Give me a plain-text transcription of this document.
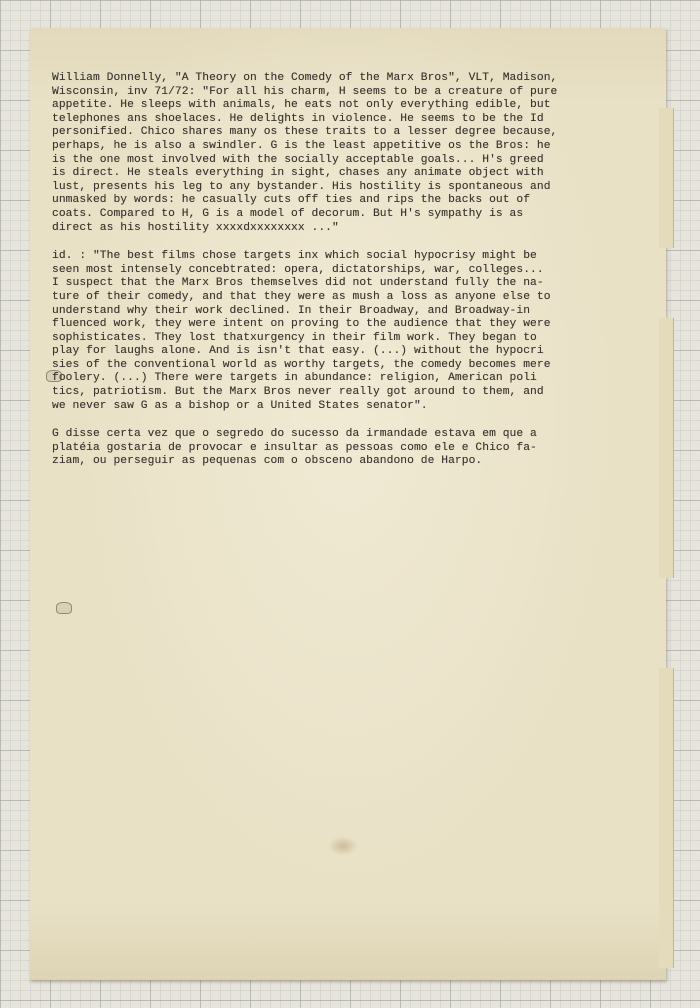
William Donnelly, "A Theory on the Comedy of the Marx Bros", VLT, Madison,
Wisconsin, inv 71/72: "For all his charm, H seems to be a creature of pure
appetite. He sleeps with animals, he eats not only everything edible, but
telephones ans shoelaces. He delights in violence. He seems to be the Id
personified. Chico shares many os these traits to a lesser degree because,
perhaps, he is also a swindler. G is the least appetitive os the Bros: he
is the one most involved with the socially acceptable goals... H's greed
is direct. He steals everything in sight, chases any animate object with
lust, presents his leg to any bystander. His hostility is spontaneous and
unmasked by words: he casually cuts off ties and rips the backs out of
coats. Compared to H, G is a model of decorum. But H's sympathy is as
direct as his hostility xxxxdxxxxxxxx ..."
id. : "The best films chose targets inx which social hypocrisy might be
seen most intensely concebtrated: opera, dictatorships, war, colleges...
I suspect that the Marx Bros themselves did not understand fully the na-
ture of their comedy, and that they were as mush a loss as anyone else to
understand why their work declined. In their Broadway, and Broadway-in
fluenced work, they were intent on proving to the audience that they were
sophisticates. They lost thatxurgency in their film work. They began to
play for laughs alone. And is isn't that easy. (...) without the hypocri
sies of the conventional world as worthy targets, the comedy becomes mere
foolery. (...) There were targets in abundance: religion, American poli
tics, patriotism. But the Marx Bros never really got around to them, and
we never saw G as a bishop or a United States senator".
G disse certa vez que o segredo do sucesso da irmandade estava em que a
platéia gostaria de provocar e insultar as pessoas como ele e Chico fa-
ziam, ou perseguir as pequenas com o obsceno abandono de Harpo.
